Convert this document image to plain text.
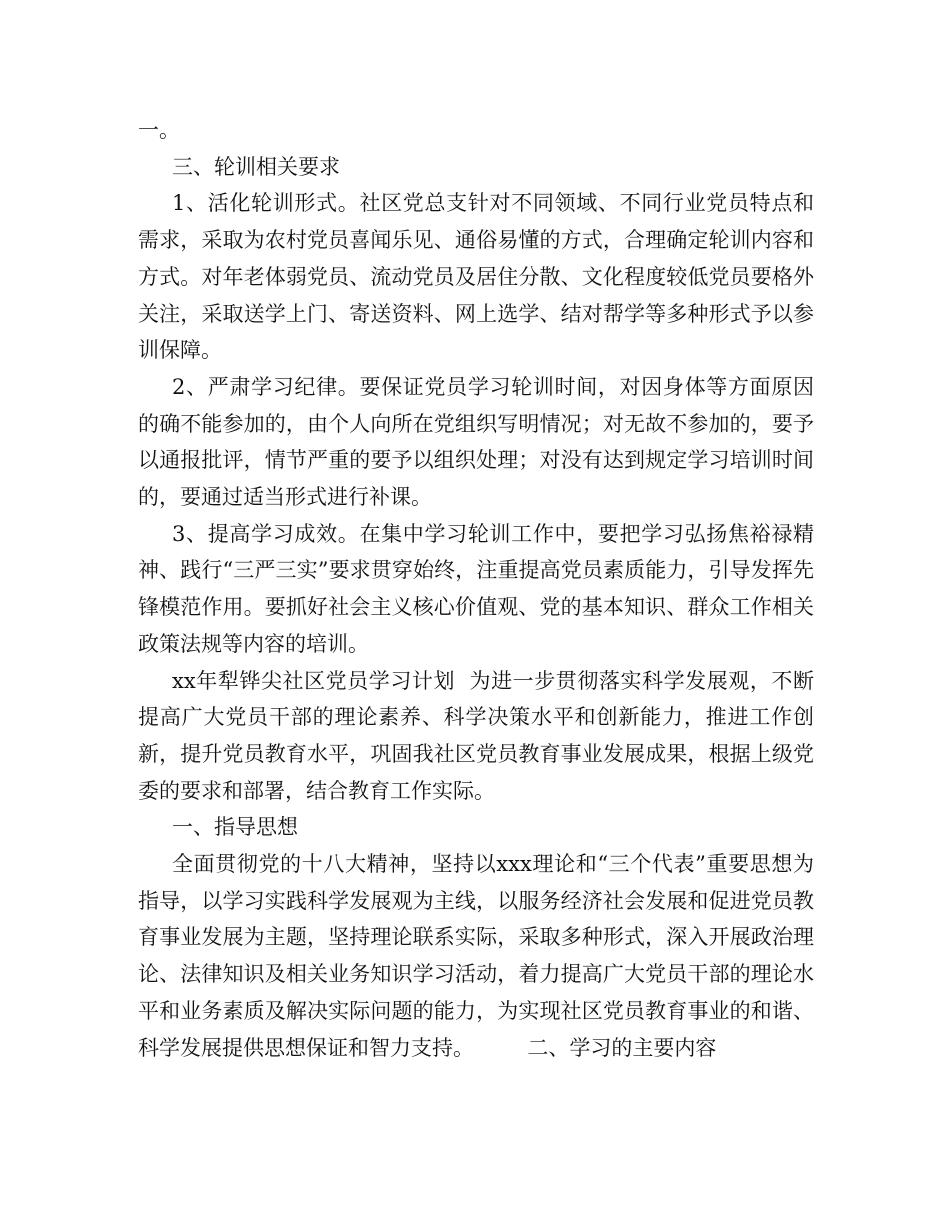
一。

三、轮训相关要求

1、活化轮训形式。社区党总支针对不同领域、不同行业党员特点和需求，采取为农村党员喜闻乐见、通俗易懂的方式，合理确定轮训内容和方式。对年老体弱党员、流动党员及居住分散、文化程度较低党员要格外关注，采取送学上门、寄送资料、网上选学、结对帮学等多种形式予以参训保障。

2、严肃学习纪律。要保证党员学习轮训时间，对因身体等方面原因的确不能参加的，由个人向所在党组织写明情况；对无故不参加的，要予以通报批评，情节严重的要予以组织处理；对没有达到规定学习培训时间的，要通过适当形式进行补课。

3、提高学习成效。在集中学习轮训工作中，要把学习弘扬焦裕禄精神、践行“三严三实”要求贯穿始终，注重提高党员素质能力，引导发挥先锋模范作用。要抓好社会主义核心价值观、党的基本知识、群众工作相关政策法规等内容的培训。

xx年犁铧尖社区党员学习计划  为进一步贯彻落实科学发展观，不断提高广大党员干部的理论素养、科学决策水平和创新能力，推进工作创新，提升党员教育水平，巩固我社区党员教育事业发展成果，根据上级党委的要求和部署，结合教育工作实际。

一、指导思想

全面贯彻党的十八大精神，坚持以xxx理论和“三个代表”重要思想为指导，以学习实践科学发展观为主线，以服务经济社会发展和促进党员教育事业发展为主题，坚持理论联系实际，采取多种形式，深入开展政治理论、法律知识及相关业务知识学习活动，着力提高广大党员干部的理论水平和业务素质及解决实际问题的能力，为实现社区党员教育事业的和谐、科学发展提供思想保证和智力支持。        二、学习的主要内容
